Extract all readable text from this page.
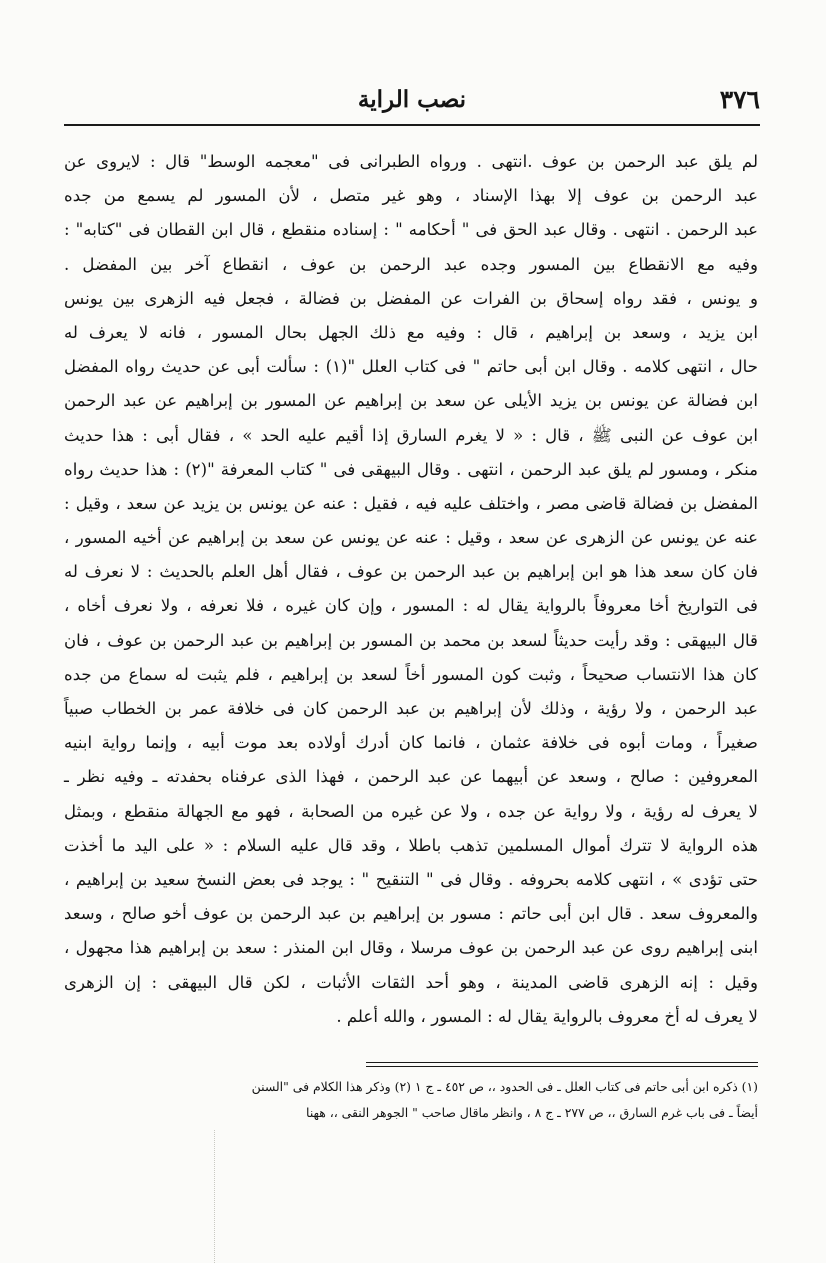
٣٧٦
نصب الراية
لم يلق عبد الرحمن بن عوف .انتهى . ورواه الطبرانى فى "معجمه الوسط" قال : لايروى عن
عبد الرحمن بن عوف إلا بهذا الإسناد ، وهو غير متصل ، لأن المسور لم يسمع من جده
عبد الرحمن . انتهى . وقال عبد الحق فى " أحكامه " : إسناده منقطع ، قال ابن القطان فى "كتابه" :
وفيه مع الانقطاع بين المسور وجده عبد الرحمن بن عوف ، انقطاع آخر بين المفضل .
و يونس ، فقد رواه إسحاق بن الفرات عن المفضل بن فضالة ، فجعل فيه الزهرى بين يونس
ابن يزيد ، وسعد بن إبراهيم ، قال : وفيه مع ذلك الجهل بحال المسور ، فانه لا يعرف له
حال ، انتهى كلامه . وقال ابن أبى حاتم " فى كتاب العلل "(١) : سألت أبى عن حديث رواه المفضل
ابن فضالة عن يونس بن يزيد الأيلى عن سعد بن إبراهيم عن المسور بن إبراهيم عن عبد الرحمن
ابن عوف عن النبى ﷺ ، قال : « لا يغرم السارق إذا أقيم عليه الحد » ، فقال أبى : هذا حديث
منكر ، ومسور لم يلق عبد الرحمن ، انتهى . وقال البيهقى فى " كتاب المعرفة "(٢) : هذا حديث رواه
المفضل بن فضالة قاضى مصر ، واختلف عليه فيه ، فقيل : عنه عن يونس بن يزيد عن سعد ، وقيل :
عنه عن يونس عن الزهرى عن سعد ، وقيل : عنه عن يونس عن سعد بن إبراهيم عن أخيه المسور ،
فان كان سعد هذا هو ابن إبراهيم بن عبد الرحمن بن عوف ، فقال أهل العلم بالحديث : لا نعرف له
فى التواريخ أخا معروفاً بالرواية يقال له : المسور ، وإن كان غيره ، فلا نعرفه ، ولا نعرف أخاه ،
قال البيهقى : وقد رأيت حديثاً لسعد بن محمد بن المسور بن إبراهيم بن عبد الرحمن بن عوف ، فان
كان هذا الانتساب صحيحاً ، وثبت كون المسور أخاً لسعد بن إبراهيم ، فلم يثبت له سماع من جده
عبد الرحمن ، ولا رؤية ، وذلك لأن إبراهيم بن عبد الرحمن كان فى خلافة عمر بن الخطاب صبياً
صغيراً ، ومات أبوه فى خلافة عثمان ، فانما كان أدرك أولاده بعد موت أبيه ، وإنما رواية ابنيه
المعروفين : صالح ، وسعد عن أبيهما عن عبد الرحمن ، فهذا الذى عرفناه بحفدته ـ وفيه نظر ـ
لا يعرف له رؤية ، ولا رواية عن جده ، ولا عن غيره من الصحابة ، فهو مع الجهالة منقطع ، وبمثل
هذه الرواية لا تترك أموال المسلمين تذهب باطلا ، وقد قال عليه السلام : « على اليد ما أخذت
حتى تؤدى » ، انتهى كلامه بحروفه . وقال فى " التنقيح " : يوجد فى بعض النسخ سعيد بن إبراهيم ،
والمعروف سعد . قال ابن أبى حاتم : مسور بن إبراهيم بن عبد الرحمن بن عوف أخو صالح ، وسعد
ابنى إبراهيم روى عن عبد الرحمن بن عوف مرسلا ، وقال ابن المنذر : سعد بن إبراهيم هذا مجهول ،
وقيل : إنه الزهرى قاضى المدينة ، وهو أحد الثقات الأثبات ، لكن قال البيهقى : إن الزهرى
لا يعرف له أخ معروف بالرواية يقال له : المسور ، والله أعلم .
(١) ذكره ابن أبى حاتم فى كتاب العلل ـ فى الحدود ،، ص ٤٥٢ ـ ج ١ (٢) وذكر هذا الكلام فى "السنن
أيضاً ـ فى باب غرم السارق ،، ص ٢٧٧ ـ ج ٨ ، وانظر ماقال صاحب " الجوهر النقى ،، ههنا
